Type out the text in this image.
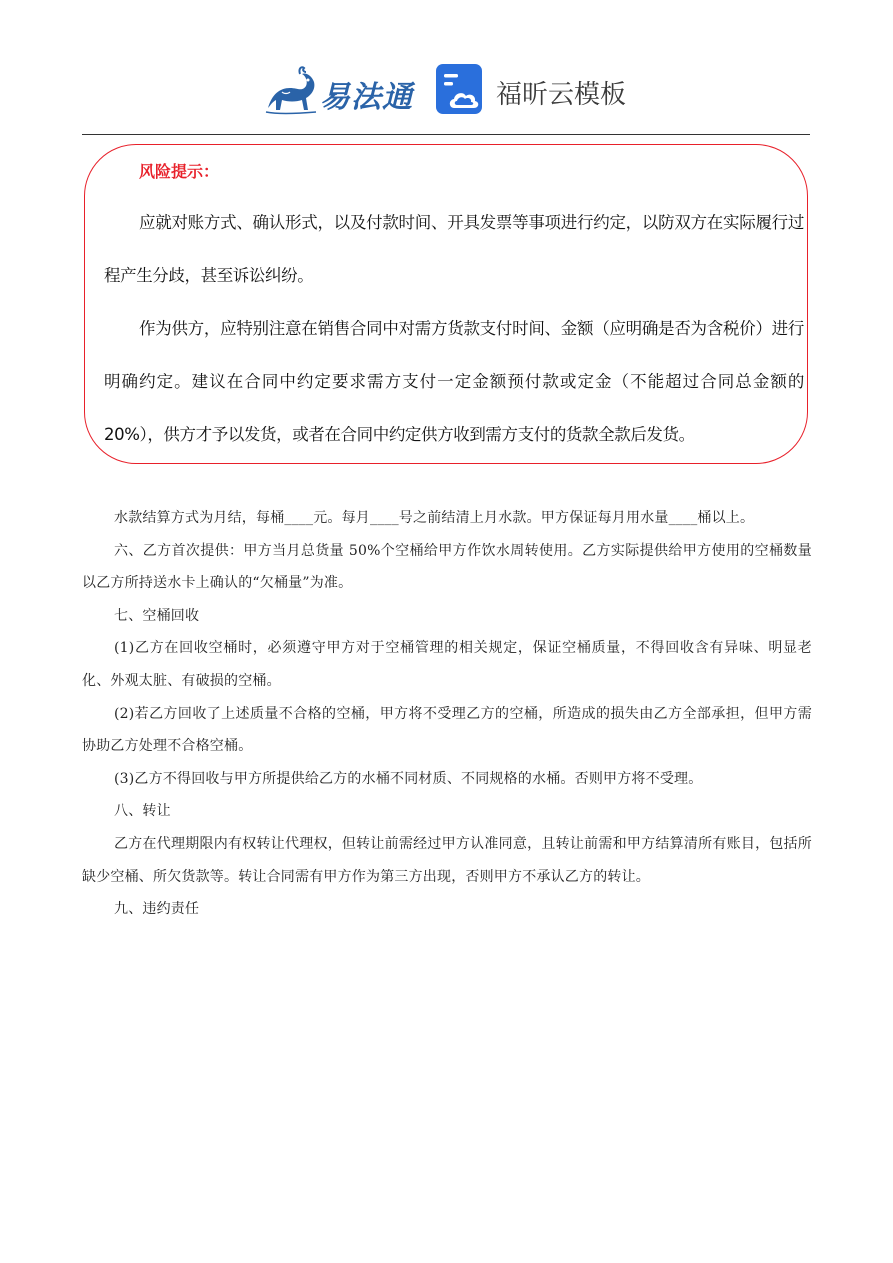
易法通	福昕云模板
风险提示：

应就对账方式、确认形式，以及付款时间、开具发票等事项进行约定，以防双方在实际履行过程产生分歧，甚至诉讼纠纷。

作为供方，应特别注意在销售合同中对需方货款支付时间、金额（应明确是否为含税价）进行明确约定。建议在合同中约定要求需方支付一定金额预付款或定金（不能超过合同总金额的 20%），供方才予以发货，或者在合同中约定供方收到需方支付的货款全款后发货。

水款结算方式为月结，每桶____元。每月____号之前结清上月水款。甲方保证每月用水量____桶以上。

六、乙方首次提供：甲方当月总货量 50%个空桶给甲方作饮水周转使用。乙方实际提供给甲方使用的空桶数量以乙方所持送水卡上确认的“欠桶量”为准。

七、空桶回收

(1)乙方在回收空桶时，必须遵守甲方对于空桶管理的相关规定，保证空桶质量，不得回收含有异味、明显老化、外观太脏、有破损的空桶。

(2)若乙方回收了上述质量不合格的空桶，甲方将不受理乙方的空桶，所造成的损失由乙方全部承担，但甲方需协助乙方处理不合格空桶。

(3)乙方不得回收与甲方所提供给乙方的水桶不同材质、不同规格的水桶。否则甲方将不受理。

八、转让

乙方在代理期限内有权转让代理权，但转让前需经过甲方认准同意，且转让前需和甲方结算清所有账目，包括所缺少空桶、所欠货款等。转让合同需有甲方作为第三方出现，否则甲方不承认乙方的转让。

九、违约责任
